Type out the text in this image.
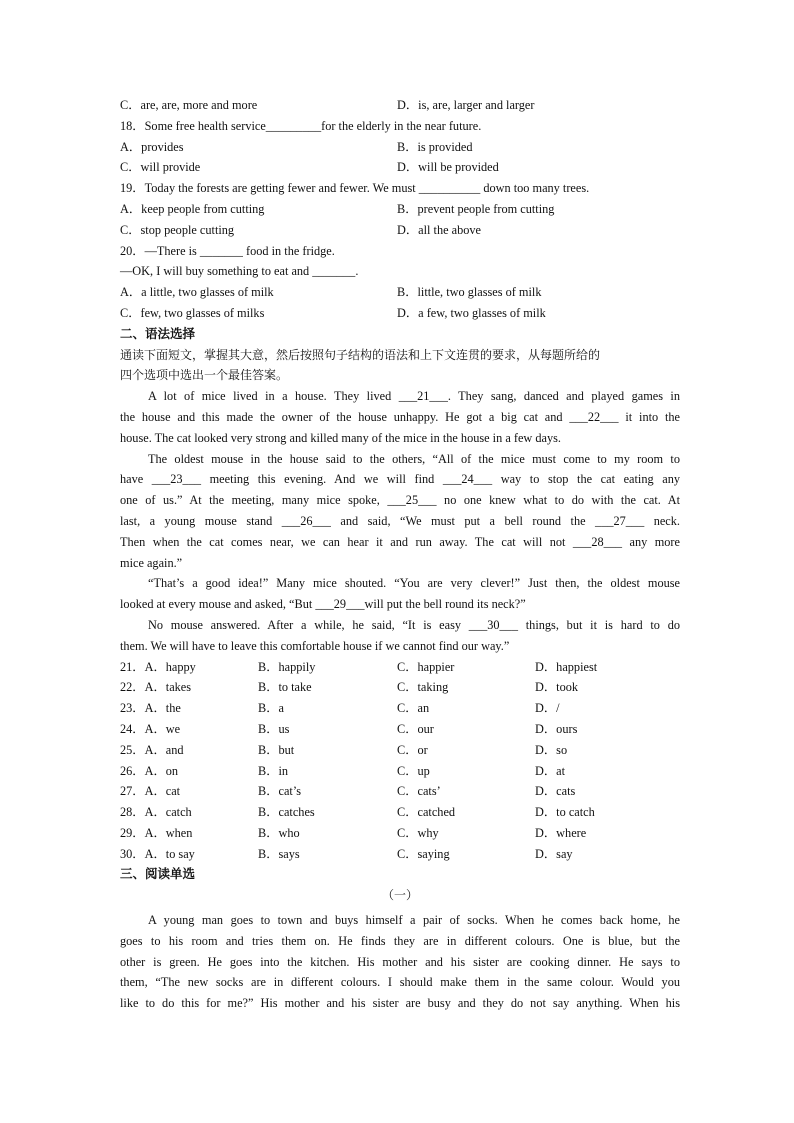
C．are, are, more and more	D．is, are, larger and larger
18．Some free health service_________for the elderly in the near future.
A．provides	B．is provided
C．will provide	D．will be provided
19．Today the forests are getting fewer and fewer. We must __________ down too many trees.
A．keep people from cutting	B．prevent people from cutting
C．stop people cutting	D．all the above
20．—There is _______ food in the fridge.
—OK, I will buy something to eat and _______.
A．a little, two glasses of milk	B．little, two glasses of milk
C．few, two glasses of milks	D．a few, two glasses of milk
二、语法选择
通读下面短文，掌握其大意，然后按照句子结构的语法和上下文连贯的要求，从每题所给的
四个选项中选出一个最佳答案。
A lot of mice lived in a house. They lived ___21___. They sang, danced and played games in
the house and this made the owner of the house unhappy. He got a big cat and ___22___ it into the
house. The cat looked very strong and killed many of the mice in the house in a few days.
The oldest mouse in the house said to the others, “All of the mice must come to my room to
have ___23___ meeting this evening. And we will find ___24___ way to stop the cat eating any
one of us.” At the meeting, many mice spoke, ___25___ no one knew what to do with the cat. At
last, a young mouse stand ___26___ and said, “We must put a bell round the ___27___ neck.
Then when the cat comes near, we can hear it and run away. The cat will not ___28___ any more
mice again.”
“That’s a good idea!” Many mice shouted. “You are very clever!” Just then, the oldest mouse
looked at every mouse and asked, “But ___29___will put the bell round its neck?”
No mouse answered. After a while, he said, “It is easy ___30___ things, but it is hard to do
them. We will have to leave this comfortable house if we cannot find our way.”
21．A．happy	B．happily	C．happier	D．happiest
22．A．takes	B．to take	C．taking	D．took
23．A．the	B．a	C．an	D．/
24．A．we	B．us	C．our	D．ours
25．A．and	B．but	C．or	D．so
26．A．on	B．in	C．up	D．at
27．A．cat	B．cat’s	C．cats’	D．cats
28．A．catch	B．catches	C．catched	D．to catch
29．A．when	B．who	C．why	D．where
30．A．to say	B．says	C．saying	D．say
三、阅读单选
（一）
A young man goes to town and buys himself a pair of socks. When he comes back home, he
goes to his room and tries them on. He finds they are in different colours. One is blue, but the
other is green. He goes into the kitchen. His mother and his sister are cooking dinner. He says to
them, “The new socks are in different colours. I should make them in the same colour. Would you
like to do this for me?” His mother and his sister are busy and they do not say anything. When his
